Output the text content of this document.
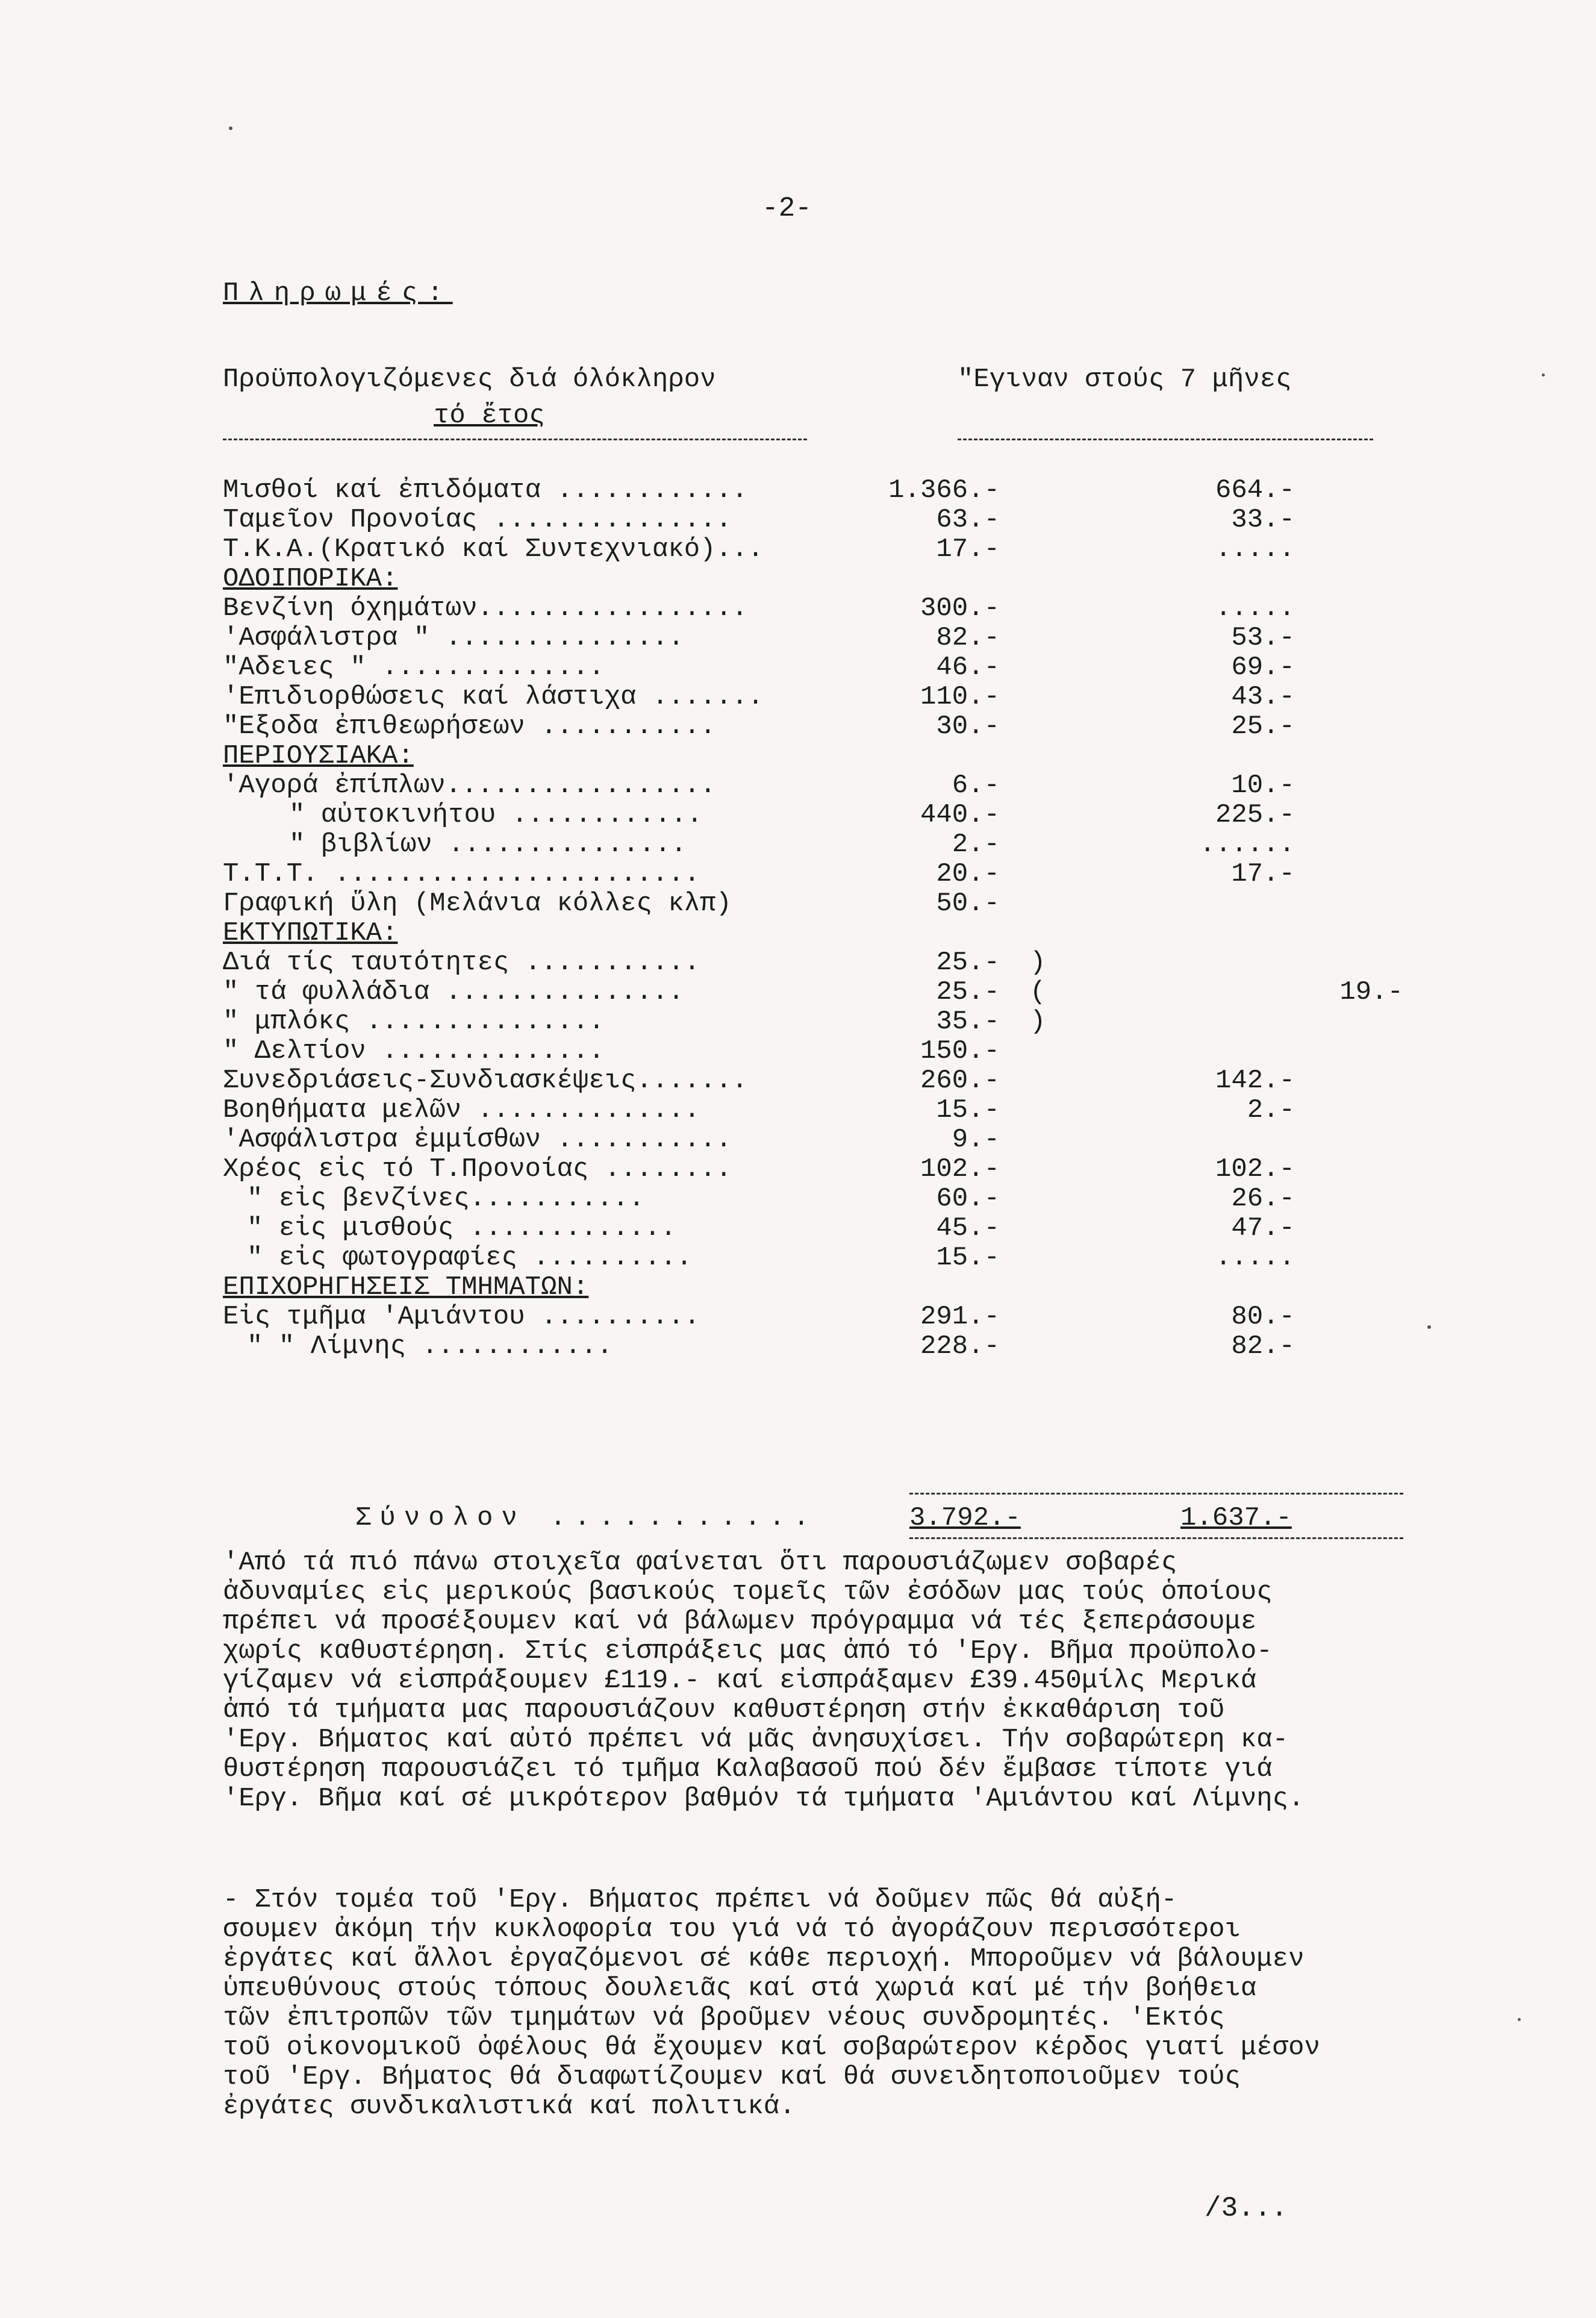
-2-
Πληρωμές:
Προϋπολογιζόμενες διά όλόκληρον
τό ἔτος
"Εγιναν στούς 7 μῆνες
Μισθοί καί ἐπιδόματα ............	1.366.-	664.-
Ταμεῖον Προνοίας ...............	63.-	33.-
Τ.Κ.Α.(Κρατικό καί Συντεχνιακό)...	17.-	.....
ΟΔΟΙΠΟΡΙΚΑ:
Βενζίνη όχημάτων.................	300.-	.....
'Ασφάλιστρα " ...............	82.-	53.-
"Αδειες " ..............	46.-	69.-
'Επιδιορθώσεις καί λάστιχα .......	110.-	43.-
"Εξοδα ἐπιθεωρήσεων ...........	30.-	25.-
ΠΕΡΙΟΥΣΙΑΚΑ:
'Αγορά ἐπίπλων.................	6.-	10.-
" αὐτοκινήτου ............	440.-	225.-
" βιβλίων ...............	2.-	......
Τ.Τ.Τ. .......................	20.-	17.-
Γραφική ὕλη (Μελάνια κόλλες κλπ)	50.-
ΕΚΤΥΠΩΤΙΚΑ:
Διά τίς ταυτότητες ...........	25.- )
" τά φυλλάδια ...............	25.- (	19.-
" μπλόκς ...............	35.- )
" Δελτίον ..............	150.-
Συνεδριάσεις-Συνδιασκέψεις.......	260.-	142.-
Βοηθήματα μελῶν ..............	15.-	2.-
'Ασφάλιστρα ἐμμίσθων ...........	9.-
Χρέος εἰς τό Τ.Προνοίας ........	102.-	102.-
" εἰς βενζίνες...........	60.-	26.-
" εἰς μισθούς .............	45.-	47.-
" εἰς φωτογραφίες ..........	15.-	.....
ΕΠΙΧΟΡΗΓΗΣΕΙΣ ΤΜΗΜΑΤΩΝ:
Εἰς τμῆμα 'Αμιάντου ..........	291.-	80.-
" " Λίμνης ............	228.-	82.-
Σύνολον ...........	3.792.-	1.637.-

'Από τά πιό πάνω στοιχεῖα φαίνεται ὅτι παρουσιάζωμεν σοβαρές

ἀδυναμίες εἰς μερικούς βασικούς τομεῖς τῶν ἐσόδων μας τούς ὁποίους

πρέπει νά προσέξουμεν καί νά βάλωμεν πρόγραμμα νά τές ξεπεράσουμε

χωρίς καθυστέρηση. Στίς εἰσπράξεις μας ἀπό τό 'Εργ. Βῆμα προϋπολο-

γίζαμεν νά εἰσπράξουμεν £119.- καί εἰσπράξαμεν £39.450μίλς Μερικά

ἀπό τά τμήματα μας παρουσιάζουν καθυστέρηση στήν ἐκκαθάριση τοῦ

'Εργ. Βήματος καί αὐτό πρέπει νά μᾶς ἀνησυχίσει. Τήν σοβαρώτερη κα-

θυστέρηση παρουσιάζει τό τμῆμα Καλαβασοῦ πού δέν ἔμβασε τίποτε γιά

'Εργ. Βῆμα καί σέ μικρότερον βαθμόν τά τμήματα 'Αμιάντου καί Λίμνης.

- Στόν τομέα τοῦ 'Εργ. Βήματος πρέπει νά δοῦμεν πῶς θά αὐξή-

σουμεν ἀκόμη τήν κυκλοφορία του γιά νά τό ἀγοράζουν περισσότεροι

ἐργάτες καί ἄλλοι ἐργαζόμενοι σέ κάθε περιοχή. Μποροῦμεν νά βάλουμεν

ὑπευθύνους στούς τόπους δουλειᾶς καί στά χωριά καί μέ τήν βοήθεια

τῶν ἐπιτροπῶν τῶν τμημάτων νά βροῦμεν νέους συνδρομητές. 'Εκτός

τοῦ οἰκονομικοῦ ὀφέλους θά ἔχουμεν καί σοβαρώτερον κέρδος γιατί μέσον

τοῦ 'Εργ. Βήματος θά διαφωτίζουμεν καί θά συνειδητοποιοῦμεν τούς

ἐργάτες συνδικαλιστικά καί πολιτικά.

/3...
